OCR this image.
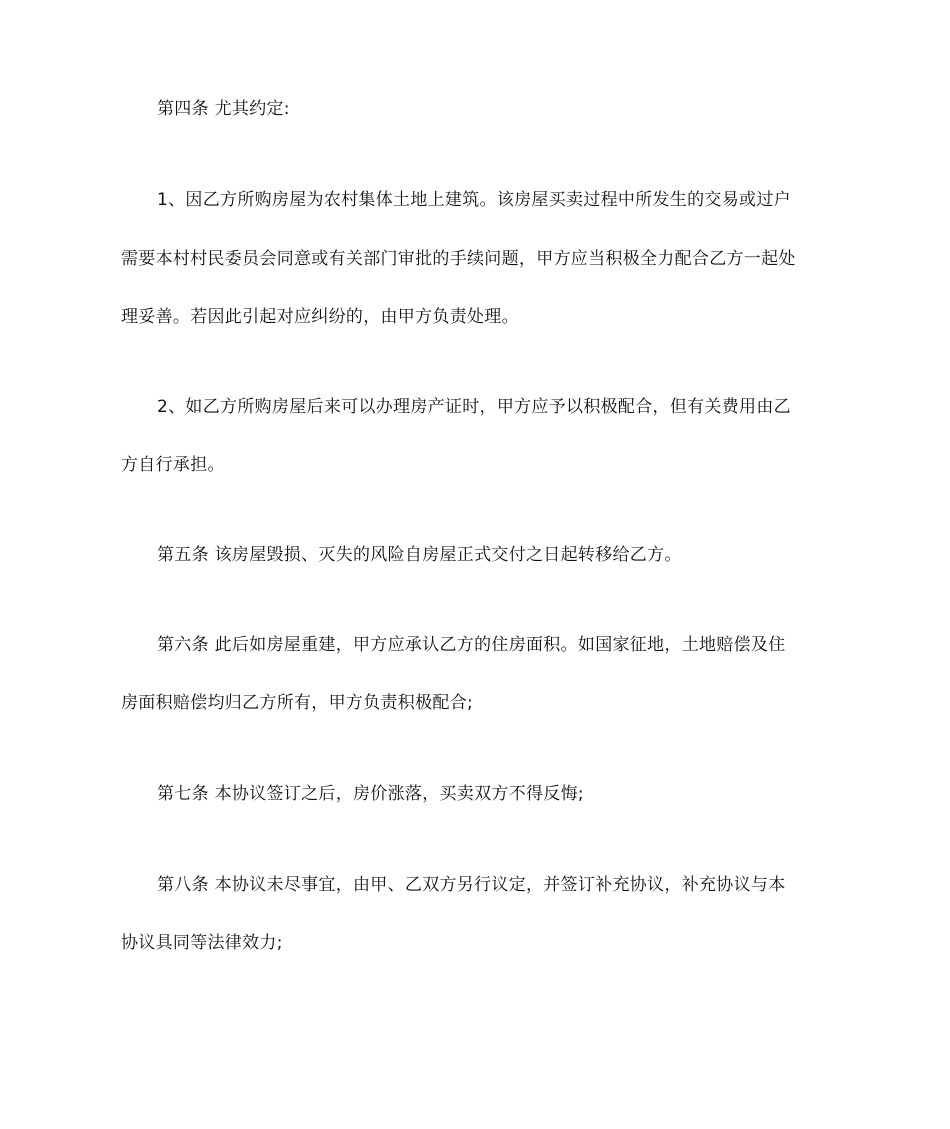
第四条 尤其约定:
1、因乙方所购房屋为农村集体土地上建筑。该房屋买卖过程中所发生的交易或过户
需要本村村民委员会同意或有关部门审批的手续问题，甲方应当积极全力配合乙方一起处
理妥善。若因此引起对应纠纷的，由甲方负责处理。
2、如乙方所购房屋后来可以办理房产证时，甲方应予以积极配合，但有关费用由乙
方自行承担。
第五条 该房屋毁损、灭失的风险自房屋正式交付之日起转移给乙方。
第六条 此后如房屋重建，甲方应承认乙方的住房面积。如国家征地，土地赔偿及住
房面积赔偿均归乙方所有，甲方负责积极配合;
第七条 本协议签订之后，房价涨落，买卖双方不得反悔;
第八条 本协议未尽事宜，由甲、乙双方另行议定，并签订补充协议，补充协议与本
协议具同等法律效力;
